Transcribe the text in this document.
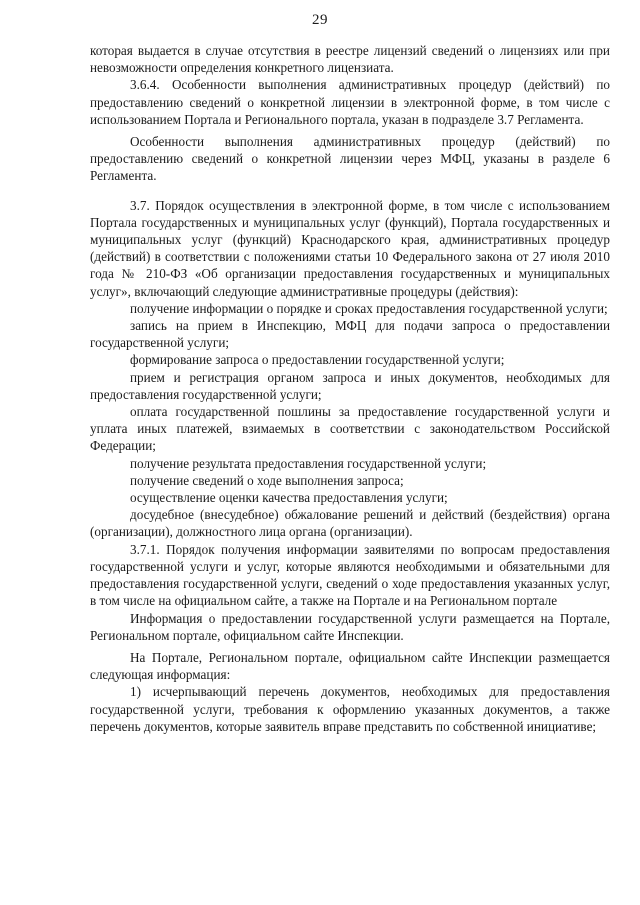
29

которая выдается в случае отсутствия в реестре лицензий сведений о лицензиях или при невозможности определения конкретного лицензиата.

3.6.4. Особенности выполнения административных процедур (действий) по предоставлению сведений о конкретной лицензии в электронной форме, в том числе с использованием Портала и Регионального портала, указан в подразделе 3.7 Регламента.

Особенности выполнения административных процедур (действий) по предоставлению сведений о конкретной лицензии через МФЦ, указаны в разделе 6 Регламента.

3.7. Порядок осуществления в электронной форме, в том числе с использованием Портала государственных и муниципальных услуг (функций), Портала государственных и муниципальных услуг (функций) Краснодарского края, административных процедур (действий) в соответствии с положениями статьи 10 Федерального закона от 27 июля 2010 года № 210-ФЗ «Об организации предоставления государственных и муниципальных услуг», включающий следующие административные процедуры (действия):

получение информации о порядке и сроках предоставления государственной услуги;

запись на прием в Инспекцию, МФЦ для подачи запроса о предоставлении государственной услуги;

формирование запроса о предоставлении государственной услуги;

прием и регистрация органом запроса и иных документов, необходимых для предоставления государственной услуги;

оплата государственной пошлины за предоставление государственной услуги и уплата иных платежей, взимаемых в соответствии с законодательством Российской Федерации;

получение результата предоставления государственной услуги;

получение сведений о ходе выполнения запроса;

осуществление оценки качества предоставления услуги;

досудебное (внесудебное) обжалование решений и действий (бездействия) органа (организации), должностного лица органа (организации).

3.7.1. Порядок получения информации заявителями по вопросам предоставления государственной услуги и услуг, которые являются необходимыми и обязательными для предоставления государственной услуги, сведений о ходе предоставления указанных услуг, в том числе на официальном сайте, а также на Портале и на Региональном портале

Информация о предоставлении государственной услуги размещается на Портале, Региональном портале, официальном сайте Инспекции.

На Портале, Региональном портале, официальном сайте Инспекции размещается следующая информация:

1) исчерпывающий перечень документов, необходимых для предоставления государственной услуги, требования к оформлению указанных документов, а также перечень документов, которые заявитель вправе представить по собственной инициативе;
